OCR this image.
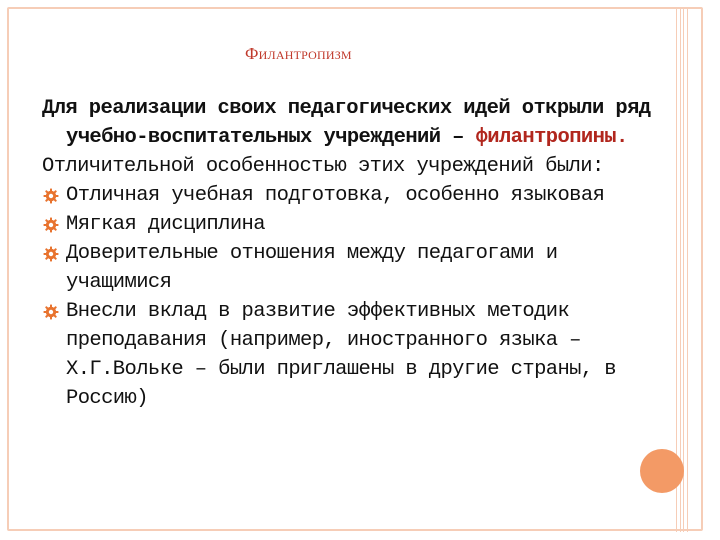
Филантропизм

Для реализации своих педагогических идей открыли ряд учебно-воспитательных учреждений – филантропины.

Отличительной особенностью этих учреждений были:

Отличная учебная подготовка, особенно языковая
Мягкая дисциплина
Доверительные отношения между педагогами и учащимися
Внесли вклад в развитие эффективных методик преподавания (например, иностранного языка – Х.Г.Вольке – были приглашены в другие страны, в Россию)
